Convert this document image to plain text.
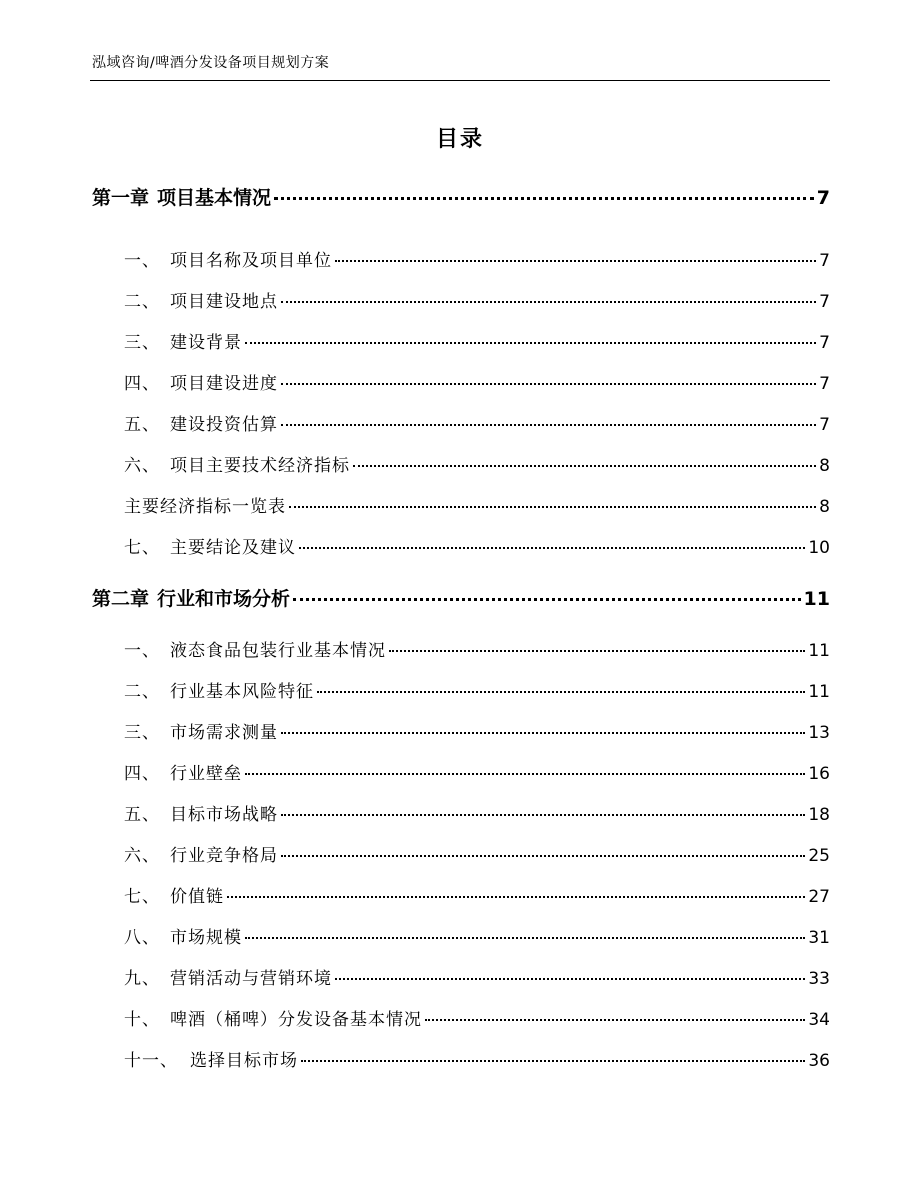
泓域咨询/啤酒分发设备项目规划方案
目录
第一章 项目基本情况	7
一、 项目名称及项目单位	7
二、 项目建设地点	7
三、 建设背景	7
四、 项目建设进度	7
五、 建设投资估算	7
六、 项目主要技术经济指标	8
主要经济指标一览表	8
七、 主要结论及建议	10
第二章 行业和市场分析	11
一、 液态食品包装行业基本情况	11
二、 行业基本风险特征	11
三、 市场需求测量	13
四、 行业壁垒	16
五、 目标市场战略	18
六、 行业竞争格局	25
七、 价值链	27
八、 市场规模	31
九、 营销活动与营销环境	33
十、 啤酒（桶啤）分发设备基本情况	34
十一、 选择目标市场	36
